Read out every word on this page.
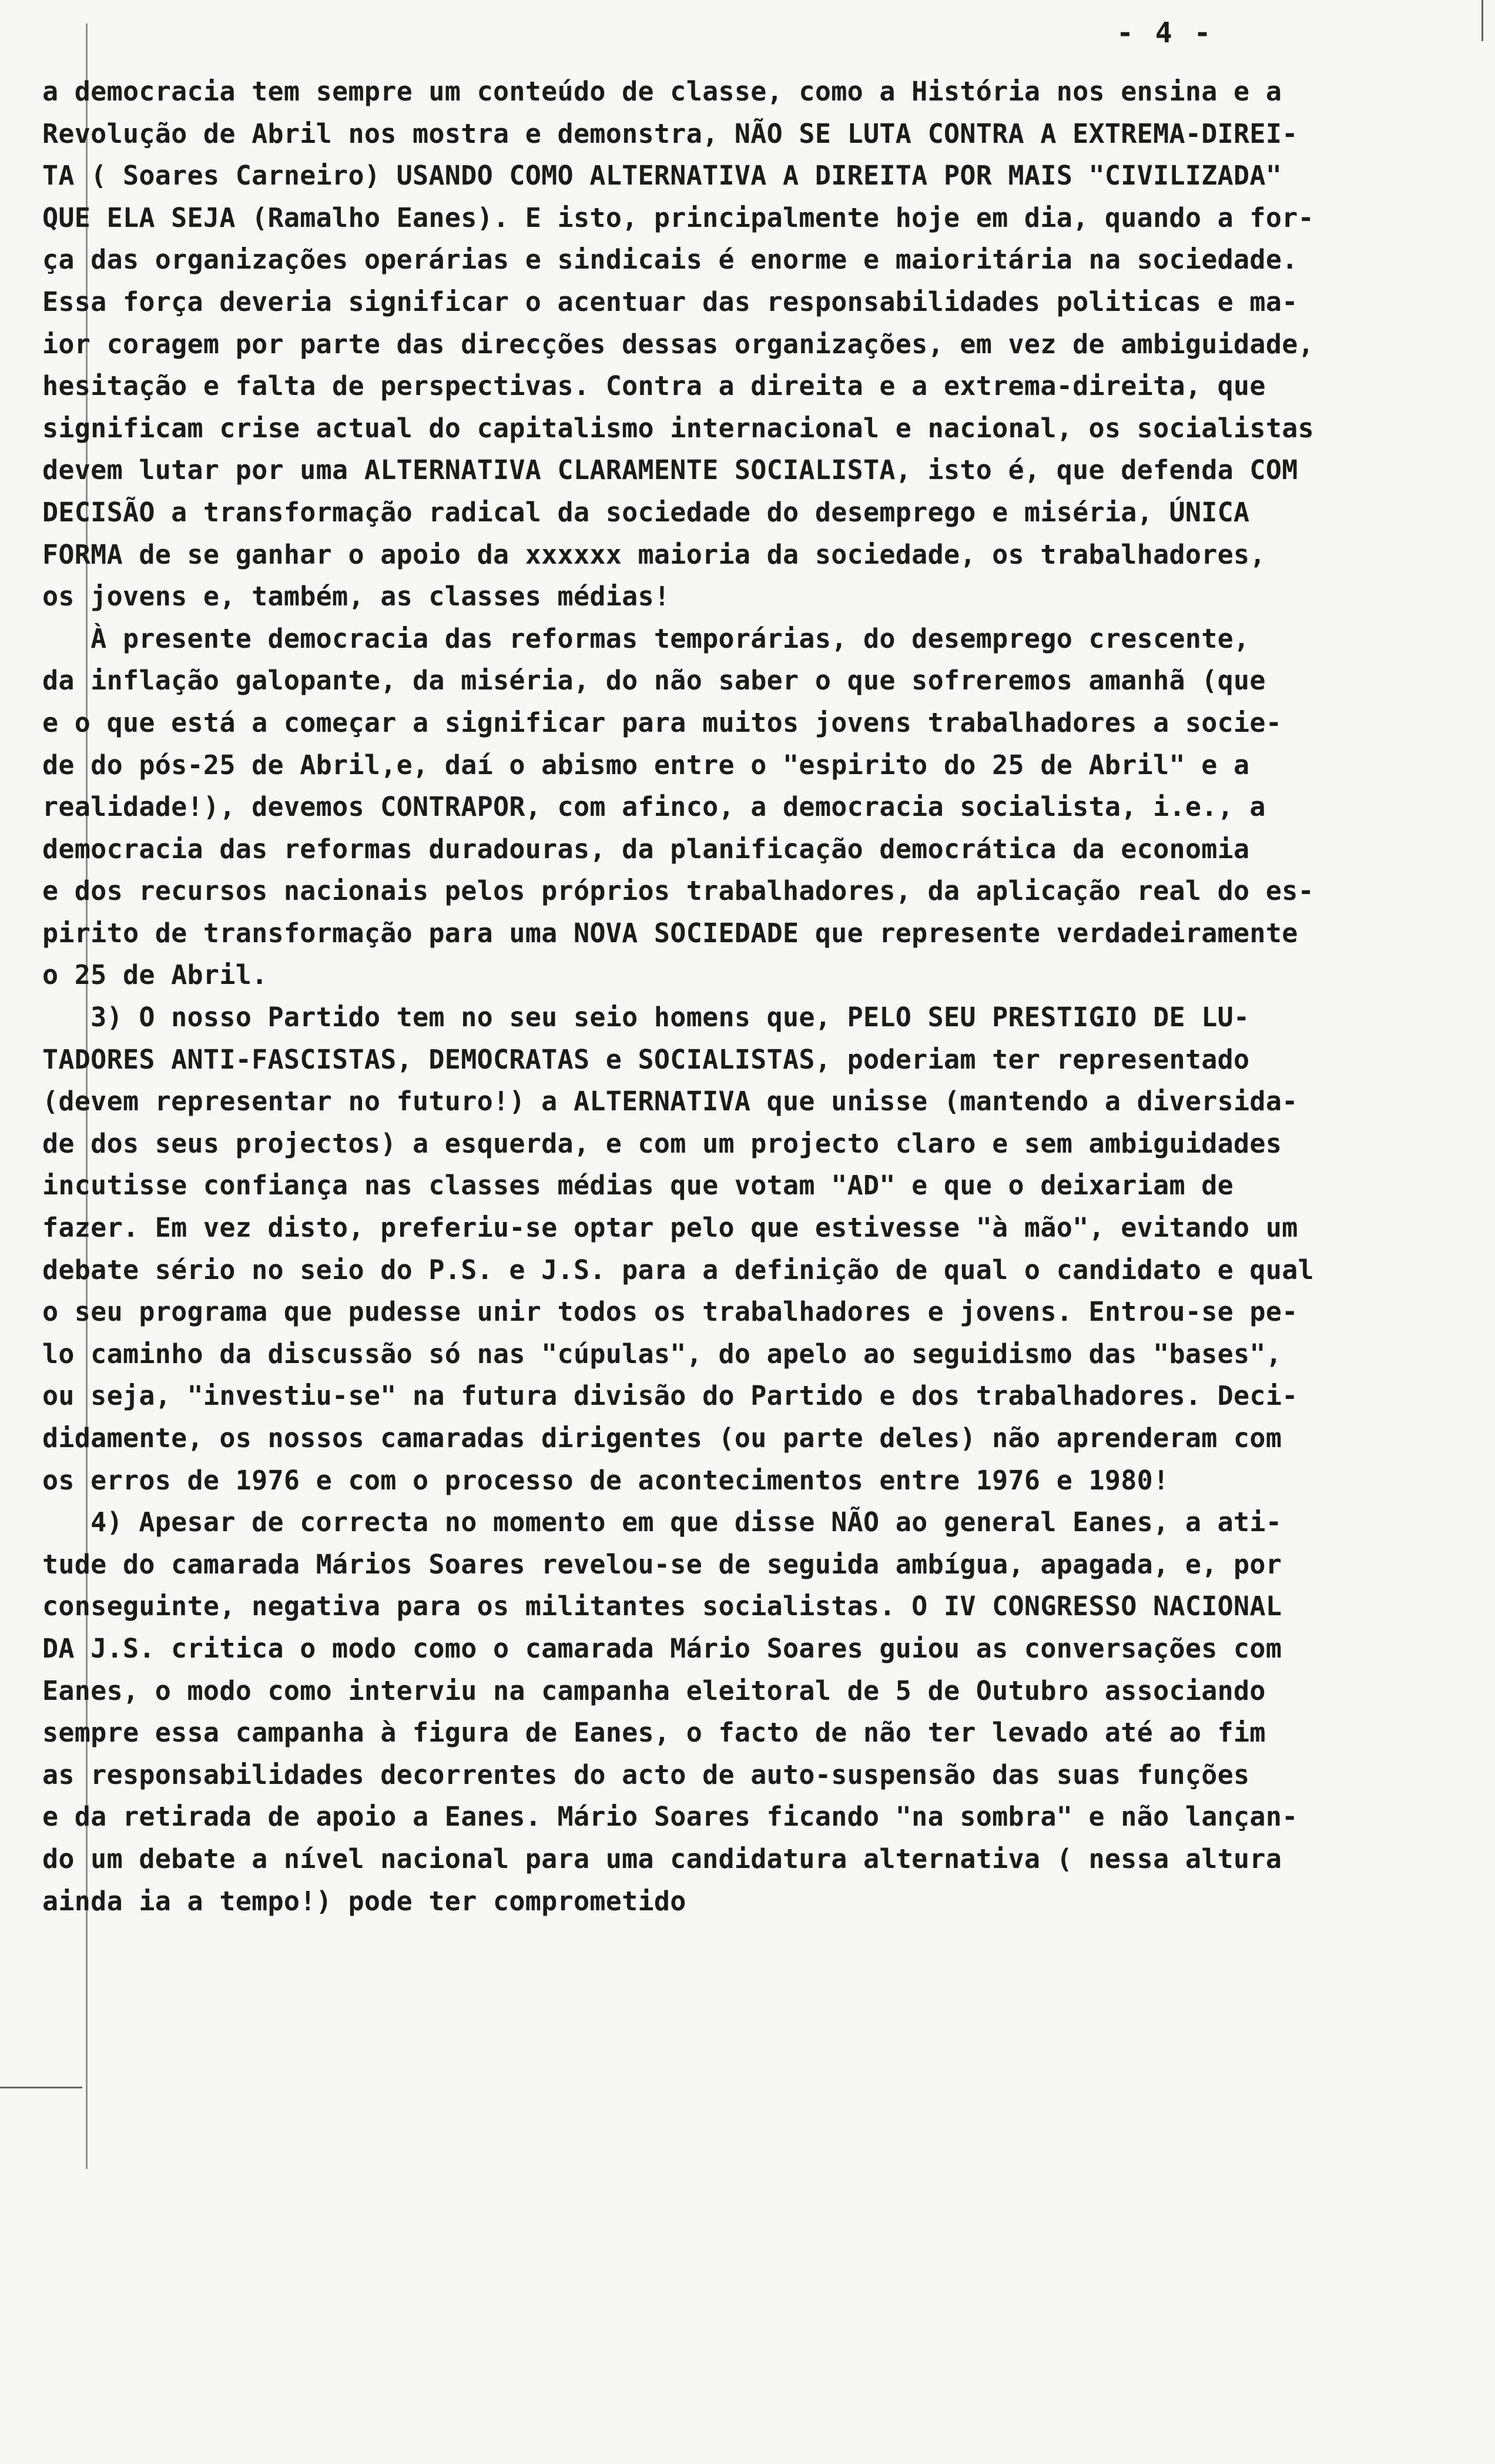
- 4 -
a democracia tem sempre um conteúdo de classe, como a História nos ensina e a
Revolução de Abril nos mostra e demonstra, NÃO SE LUTA CONTRA A EXTREMA-DIREI-
TA ( Soares Carneiro) USANDO COMO ALTERNATIVA A DIREITA POR MAIS "CIVILIZADA"
QUE ELA SEJA (Ramalho Eanes). E isto, principalmente hoje em dia, quando a for-
ça das organizações operárias e sindicais é enorme e maioritária na sociedade.
Essa força deveria significar o acentuar das responsabilidades politicas e ma-
ior coragem por parte das direcções dessas organizações, em vez de ambiguidade,
hesitação e falta de perspectivas. Contra a direita e a extrema-direita, que
significam crise actual do capitalismo internacional e nacional, os socialistas
devem lutar por uma ALTERNATIVA CLARAMENTE SOCIALISTA, isto é, que defenda COM
DECISÃO a transformação radical da sociedade do desemprego e miséria, ÚNICA
FORMA de se ganhar o apoio da xxxxxx maioria da sociedade, os trabalhadores,
os jovens e, também, as classes médias!
À presente democracia das reformas temporárias, do desemprego crescente,
da inflação galopante, da miséria, do não saber o que sofreremos amanhã (que
e o que está a começar a significar para muitos jovens trabalhadores a socie-
de do pós-25 de Abril,e, daí o abismo entre o "espirito do 25 de Abril" e a
realidade!), devemos CONTRAPOR, com afinco, a democracia socialista, i.e., a
democracia das reformas duradouras, da planificação democrática da economia
e dos recursos nacionais pelos próprios trabalhadores, da aplicação real do es-
pirito de transformação para uma NOVA SOCIEDADE que represente verdadeiramente
o 25 de Abril.
3) O nosso Partido tem no seu seio homens que, PELO SEU PRESTIGIO DE LU-
TADORES ANTI-FASCISTAS, DEMOCRATAS e SOCIALISTAS, poderiam ter representado
(devem representar no futuro!) a ALTERNATIVA que unisse (mantendo a diversida-
de dos seus projectos) a esquerda, e com um projecto claro e sem ambiguidades
incutisse confiança nas classes médias que votam "AD" e que o deixariam de
fazer. Em vez disto, preferiu-se optar pelo que estivesse "à mão", evitando um
debate sério no seio do P.S. e J.S. para a definição de qual o candidato e qual
o seu programa que pudesse unir todos os trabalhadores e jovens. Entrou-se pe-
lo caminho da discussão só nas "cúpulas", do apelo ao seguidismo das "bases",
ou seja, "investiu-se" na futura divisão do Partido e dos trabalhadores. Deci-
didamente, os nossos camaradas dirigentes (ou parte deles) não aprenderam com
os erros de 1976 e com o processo de acontecimentos entre 1976 e 1980!
4) Apesar de correcta no momento em que disse NÃO ao general Eanes, a ati-
tude do camarada Mários Soares revelou-se de seguida ambígua, apagada, e, por
conseguinte, negativa para os militantes socialistas. O IV CONGRESSO NACIONAL
DA J.S. critica o modo como o camarada Mário Soares guiou as conversações com
Eanes, o modo como interviu na campanha eleitoral de 5 de Outubro associando
sempre essa campanha à figura de Eanes, o facto de não ter levado até ao fim
as responsabilidades decorrentes do acto de auto-suspensão das suas funções
e da retirada de apoio a Eanes. Mário Soares ficando "na sombra" e não lançan-
do um debate a nível nacional para uma candidatura alternativa ( nessa altura
ainda ia a tempo!) pode ter comprometido
